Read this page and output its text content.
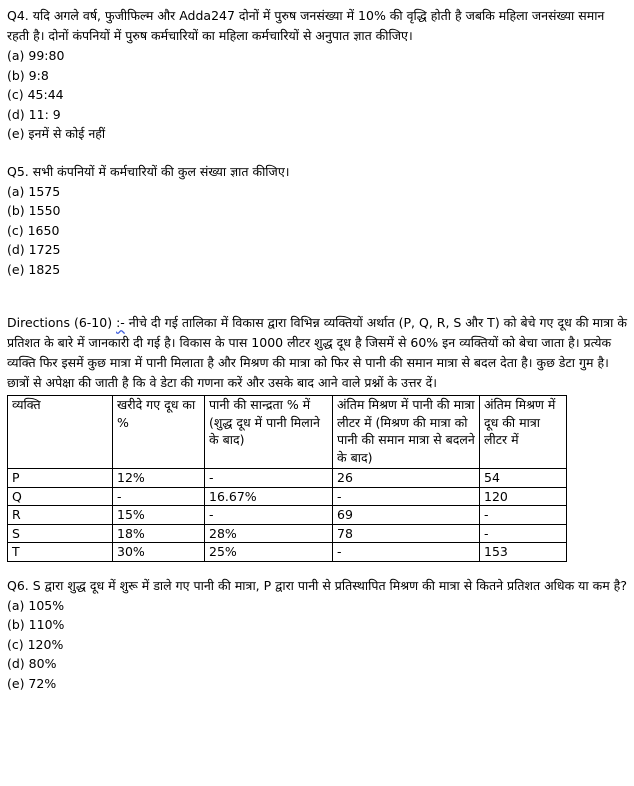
Q4. यदि अगले वर्ष, फुजीफिल्म और Adda247 दोनों में पुरुष जनसंख्या में 10% की वृद्धि होती है जबकि महिला जनसंख्या समान रहती है। दोनों कंपनियों में पुरुष कर्मचारियों का महिला कर्मचारियों से अनुपात ज्ञात कीजिए।

(a) 99:80

(b) 9:8

(c) 45:44

(d) 11: 9

(e) इनमें से कोई नहीं

Q5. सभी कंपनियों में कर्मचारियों की कुल संख्या ज्ञात कीजिए।

(a) 1575

(b) 1550

(c) 1650

(d) 1725

(e) 1825

Directions (6-10) :- नीचे दी गई तालिका में विकास द्वारा विभिन्न व्यक्तियों अर्थात (P, Q, R, S और T) को बेचे गए दूध की मात्रा के प्रतिशत के बारे में जानकारी दी गई है। विकास के पास 1000 लीटर शुद्ध दूध है जिसमें से 60% इन व्यक्तियों को बेचा जाता है। प्रत्येक व्यक्ति फिर इसमें कुछ मात्रा में पानी मिलाता है और मिश्रण की मात्रा को फिर से पानी की समान मात्रा से बदल देता है। कुछ डेटा गुम है। छात्रों से अपेक्षा की जाती है कि वे डेटा की गणना करें और उसके बाद आने वाले प्रश्नों के उत्तर दें।

व्यक्ति	खरीदे गए दूध का %	पानी की सान्द्रता % में (शुद्ध दूध में पानी मिलाने के बाद)	अंतिम मिश्रण में पानी की मात्रा लीटर में (मिश्रण की मात्रा को पानी की समान मात्रा से बदलने के बाद)	अंतिम मिश्रण में दूध की मात्रा लीटर में
P	12%	-	26	54
Q	-	16.67%	-	120
R	15%	-	69	-
S	18%	28%	78	-
T	30%	25%	-	153

Q6. S द्वारा शुद्ध दूध में शुरू में डाले गए पानी की मात्रा, P द्वारा पानी से प्रतिस्थापित मिश्रण की मात्रा से कितने प्रतिशत अधिक या कम है?

(a) 105%

(b) 110%

(c) 120%

(d) 80%

(e) 72%
